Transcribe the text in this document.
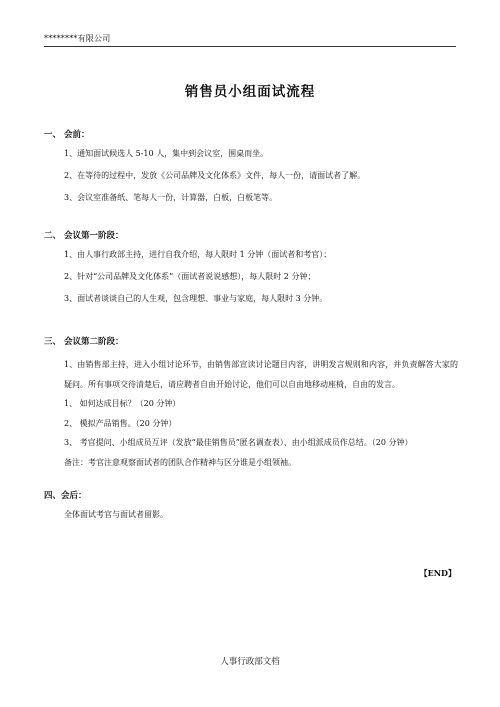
********有限公司
销售员小组面试流程
一、 会前：
1、通知面试候选人 5-10 人，集中到会议室，围桌而坐。
2、在等待的过程中，发放《公司品牌及文化体系》文件，每人一份，请面试者了解。
3、会议室准备纸、笔每人一份，计算器，白板，白板笔等。
二、 会议第一阶段：
1、由人事行政部主持，进行自我介绍，每人限时 1 分钟（面试者和考官）；
2、针对“公司品牌及文化体系”（面试者说说感想），每人限时 2 分钟；
3、面试者谈谈自己的人生观，包含理想、事业与家庭，每人限时 3 分钟。
三、 会议第二阶段：
1、由销售部主持，进入小组讨论环节，由销售部宣读讨论题目内容，讲明发言规则和内容，并负责解答大家的疑问。所有事项交待清楚后，请应聘者自由开始讨论，他们可以自由地移动座椅，自由的发言。
1、 如何达成目标？（20 分钟）
2、 模拟产品销售。（20 分钟）
3、 考官提问、小组成员互评（发放“最佳销售员”匿名调查表）、由小组派成员作总结。（20 分钟）
备注：考官注意观察面试者的团队合作精神与区分谁是小组领袖。
四、会后：
全体面试考官与面试者留影。
【END】
人事行政部文档
